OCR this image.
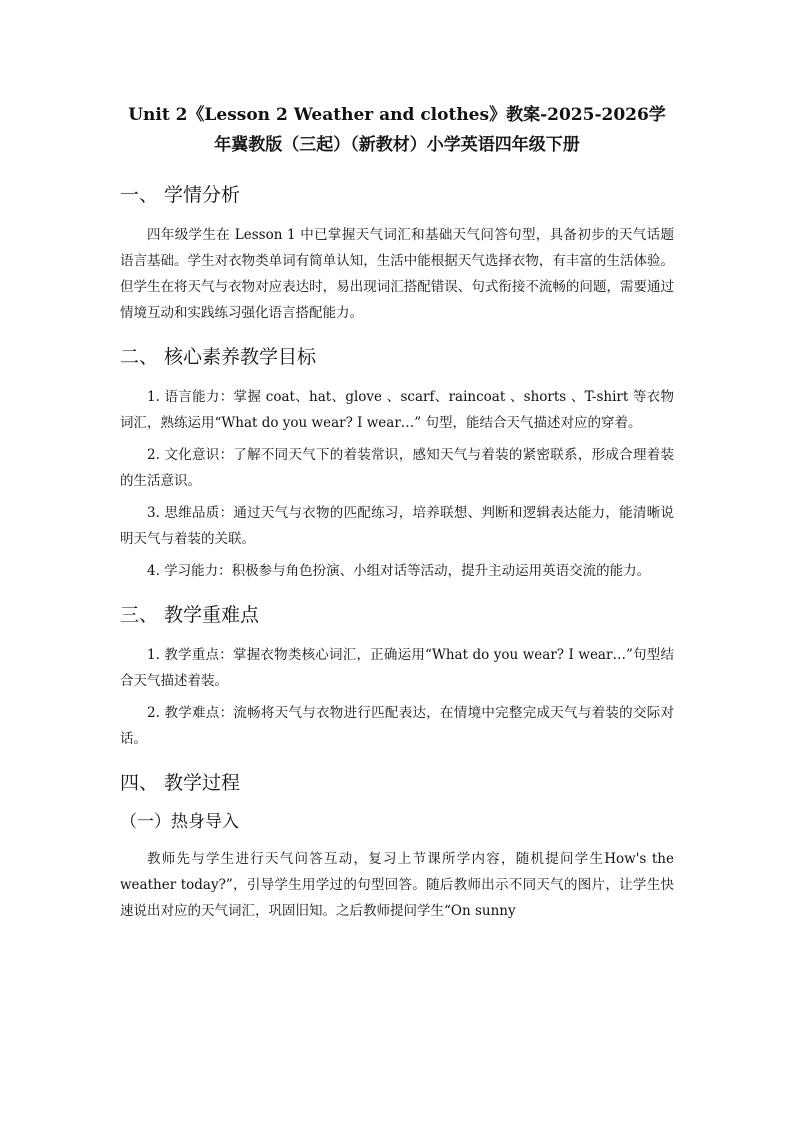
Unit 2《Lesson 2 Weather and clothes》教案-2025-2026学年冀教版（三起）（新教材）小学英语四年级下册
一、 学情分析

四年级学生在 Lesson 1 中已掌握天气词汇和基础天气问答句型，具备初步的天气话题语言基础。学生对衣物类单词有简单认知，生活中能根据天气选择衣物，有丰富的生活体验。但学生在将天气与衣物对应表达时，易出现词汇搭配错误、句式衔接不流畅的问题，需要通过情境互动和实践练习强化语言搭配能力。

二、 核心素养教学目标

1. 语言能力：掌握 coat、hat、glove 、scarf、raincoat 、shorts 、T-shirt 等衣物词汇，熟练运用“What do you wear? I wear…” 句型，能结合天气描述对应的穿着。

2. 文化意识：了解不同天气下的着装常识，感知天气与着装的紧密联系，形成合理着装的生活意识。

3. 思维品质：通过天气与衣物的匹配练习，培养联想、判断和逻辑表达能力，能清晰说明天气与着装的关联。

4. 学习能力：积极参与角色扮演、小组对话等活动，提升主动运用英语交流的能力。

三、 教学重难点

1. 教学重点：掌握衣物类核心词汇，正确运用“What do you wear? I wear…”句型结合天气描述着装。

2. 教学难点：流畅将天气与衣物进行匹配表达，在情境中完整完成天气与着装的交际对话。

四、 教学过程
（一）热身导入

教师先与学生进行天气问答互动，复习上节课所学内容，随机提问学生How's the weather today?”，引导学生用学过的句型回答。随后教师出示不同天气的图片，让学生快速说出对应的天气词汇，巩固旧知。之后教师提问学生“On sunny
